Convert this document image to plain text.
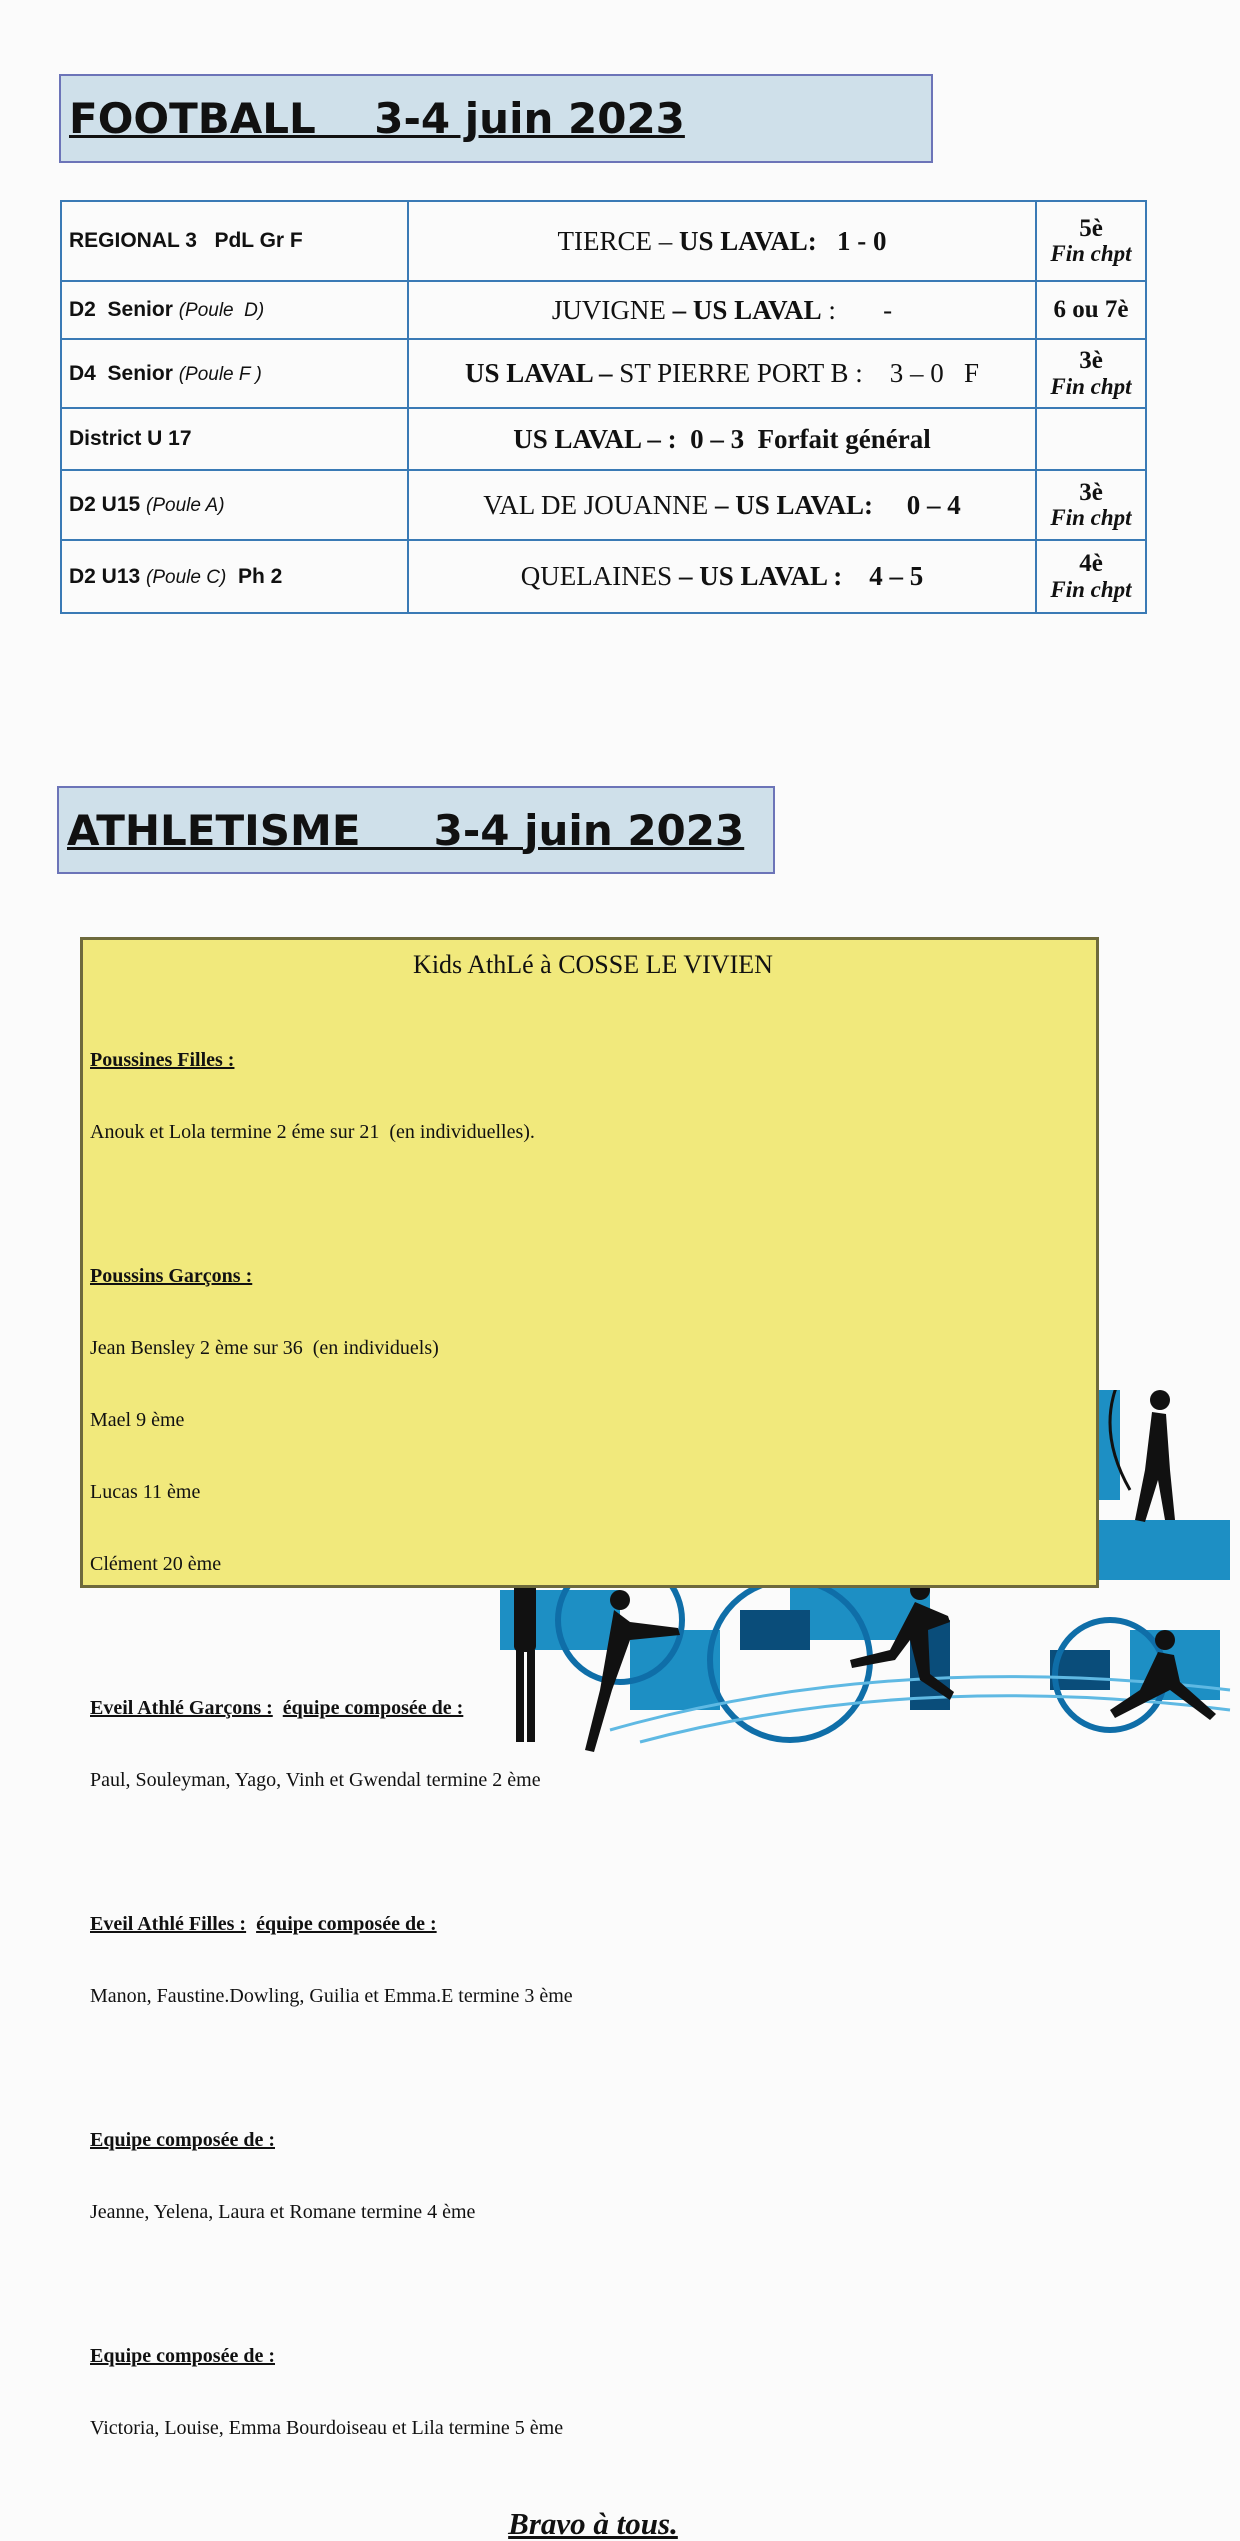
FOOTBALL    3-4 juin 2023
REGIONAL 3   PdL Gr F	TIERCE – US LAVAL:   1 - 0	5è
Fin chpt

D2  Senior (Poule  D)	JUVIGNE – US LAVAL :       -	6 ou 7è
D4  Senior (Poule F )	US LAVAL – ST PIERRE PORT B :    3 – 0   F	3è
Fin chpt

District U 17	US LAVAL – :  0 – 3  Forfait général	
D2 U15 (Poule A)	VAL DE JOUANNE – US LAVAL:     0 – 4	3è
Fin chpt

D2 U13 (Poule C)  Ph 2	QUELAINES – US LAVAL :    4 – 5	4è
Fin chpt
ATHLETISME     3-4 juin 2023
Kids AthLé à COSSE LE VIVIEN

Poussines Filles :

Anouk et Lola termine 2 éme sur 21  (en individuelles).

Poussins Garçons :

Jean Bensley 2 ème sur 36  (en individuels)

Mael 9 ème

Lucas 11 ème

Clément 20 ème

Eveil Athlé Garçons : équipe composée de :

Paul, Souleyman, Yago, Vinh et Gwendal termine 2 ème

Eveil Athlé Filles : équipe composée de :

Manon, Faustine.Dowling, Guilia et Emma.E termine 3 ème

Equipe composée de :

Jeanne, Yelena, Laura et Romane termine 4 ème

Equipe composée de :

Victoria, Louise, Emma Bourdoiseau et Lila termine 5 ème

Bravo à tous.
